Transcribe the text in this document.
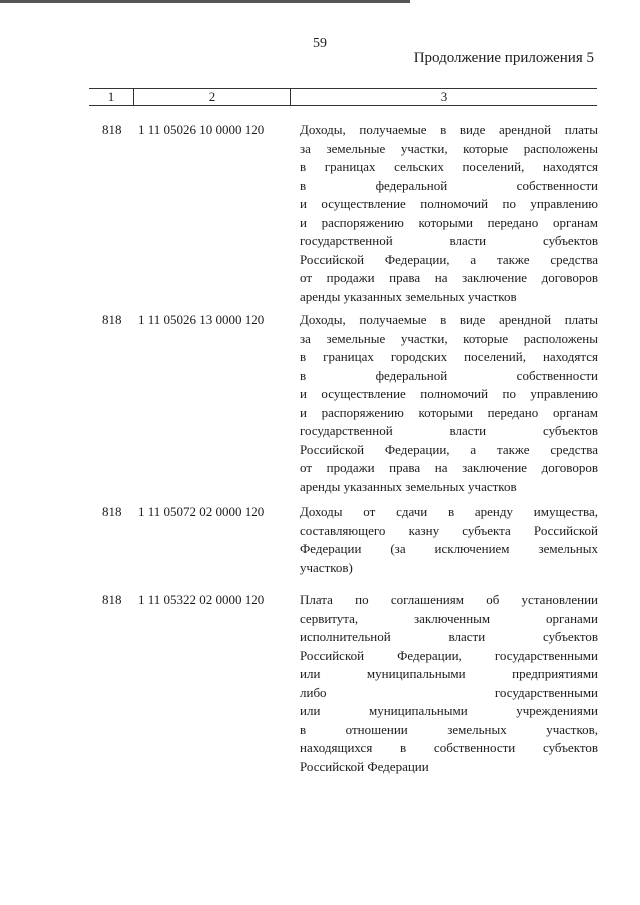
59
Продолжение приложения 5
1	2	3
818 1 11 05026 10 0000 120	Доходы, получаемые в виде арендной платы
за земельные участки, которые расположены
в границах сельских поселений, находятся
в федеральной собственности
и осуществление полномочий по управлению
и распоряжению которыми передано органам
государственной власти субъектов
Российской Федерации, а также средства
от продажи права на заключение договоров
аренды указанных земельных участков
818 1 11 05026 13 0000 120	Доходы, получаемые в виде арендной платы
за земельные участки, которые расположены
в границах городских поселений, находятся
в федеральной собственности
и осуществление полномочий по управлению
и распоряжению которыми передано органам
государственной власти субъектов
Российской Федерации, а также средства
от продажи права на заключение договоров
аренды указанных земельных участков
818 1 11 05072 02 0000 120	Доходы от сдачи в аренду имущества,
составляющего казну субъекта Российской
Федерации (за исключением земельных
участков)
818 1 11 05322 02 0000 120	Плата по соглашениям об установлении
сервитута, заключенным органами
исполнительной власти субъектов
Российской Федерации, государственными
или муниципальными предприятиями
либо государственными
или муниципальными учреждениями
в отношении земельных участков,
находящихся в собственности субъектов
Российской Федерации
